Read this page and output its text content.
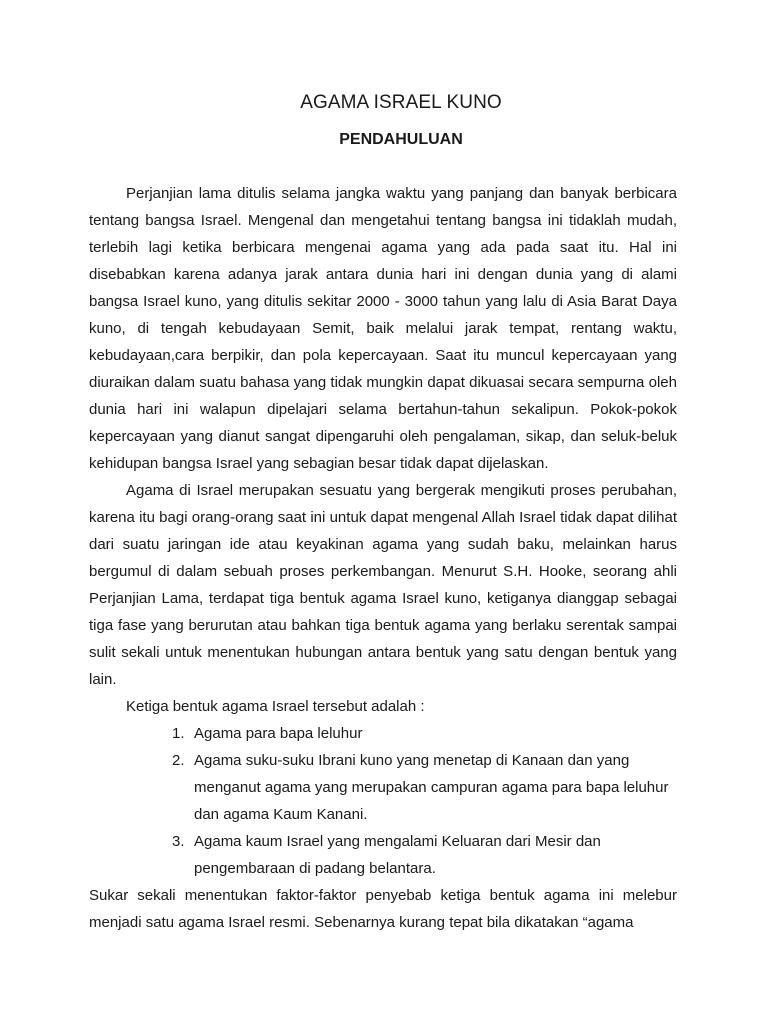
AGAMA ISRAEL KUNO
PENDAHULUAN

Perjanjian lama ditulis selama jangka waktu yang panjang dan banyak berbicara tentang bangsa Israel. Mengenal dan mengetahui tentang bangsa ini tidaklah mudah, terlebih lagi ketika berbicara mengenai agama yang ada pada saat itu. Hal ini disebabkan karena adanya jarak antara dunia hari ini dengan dunia yang di alami bangsa Israel kuno, yang ditulis sekitar 2000 - 3000 tahun yang lalu di Asia Barat Daya kuno, di tengah kebudayaan Semit, baik melalui jarak tempat, rentang waktu, kebudayaan,cara berpikir, dan pola kepercayaan. Saat itu muncul kepercayaan yang diuraikan dalam suatu bahasa yang tidak mungkin dapat dikuasai secara sempurna oleh dunia hari ini walapun dipelajari selama bertahun-tahun sekalipun. Pokok-pokok kepercayaan yang dianut sangat dipengaruhi oleh pengalaman, sikap, dan seluk-beluk kehidupan bangsa Israel yang sebagian besar tidak dapat dijelaskan.

Agama di Israel merupakan sesuatu yang bergerak mengikuti proses perubahan, karena itu bagi orang-orang saat ini untuk dapat mengenal Allah Israel tidak dapat dilihat dari suatu jaringan ide atau keyakinan agama yang sudah baku, melainkan harus bergumul di dalam sebuah proses perkembangan. Menurut S.H. Hooke, seorang ahli Perjanjian Lama, terdapat tiga bentuk agama Israel kuno, ketiganya dianggap sebagai tiga fase yang berurutan atau bahkan tiga bentuk agama yang berlaku serentak sampai sulit sekali untuk menentukan hubungan antara bentuk yang satu dengan bentuk yang lain.

Ketiga bentuk agama Israel tersebut adalah :

1. Agama para bapa leluhur
2. Agama suku-suku Ibrani kuno yang menetap di Kanaan dan yang menganut agama yang merupakan campuran agama para bapa leluhur dan agama Kaum Kanani.
3. Agama kaum Israel yang mengalami Keluaran dari Mesir dan pengembaraan di padang belantara.

Sukar sekali menentukan faktor-faktor penyebab ketiga bentuk agama ini melebur menjadi satu agama Israel resmi. Sebenarnya kurang tepat bila dikatakan “agama
